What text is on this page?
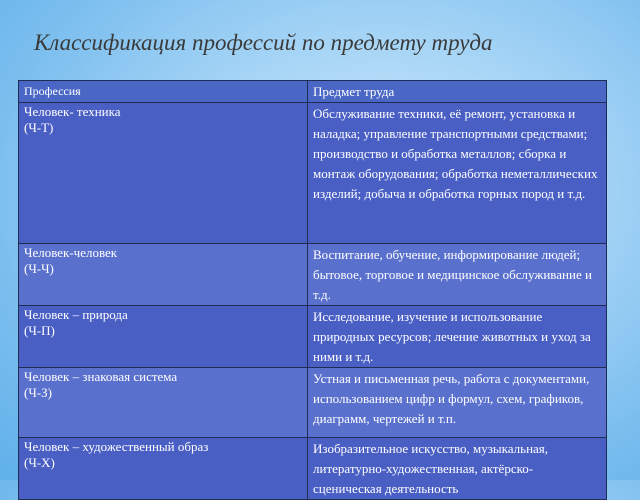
Классификация профессий по предмету труда
Профессия	Предмет труда

Человек- техника
(Ч-Т)	Обслуживание техники, её ремонт, установка и наладка; управление транспортными средствами; производство и обработка металлов; сборка и монтаж оборудования; обработка неметаллических изделий; добыча и обработка горных пород и т.д.

Человек-человек
(Ч-Ч)	Воспитание, обучение, информирование людей; бытовое, торговое и медицинское обслуживание и т.д.

Человек – природа
(Ч-П)	Исследование, изучение и использование природных ресурсов; лечение животных и уход за ними и т.д.

Человек – знаковая система
(Ч-З)	Устная и письменная речь, работа с документами, использованием цифр и формул, схем, графиков, диаграмм, чертежей и т.п.

Человек – художественный образ
(Ч-Х)	Изобразительное искусство, музыкальная, литературно-художественная, актёрско-сценическая деятельность
